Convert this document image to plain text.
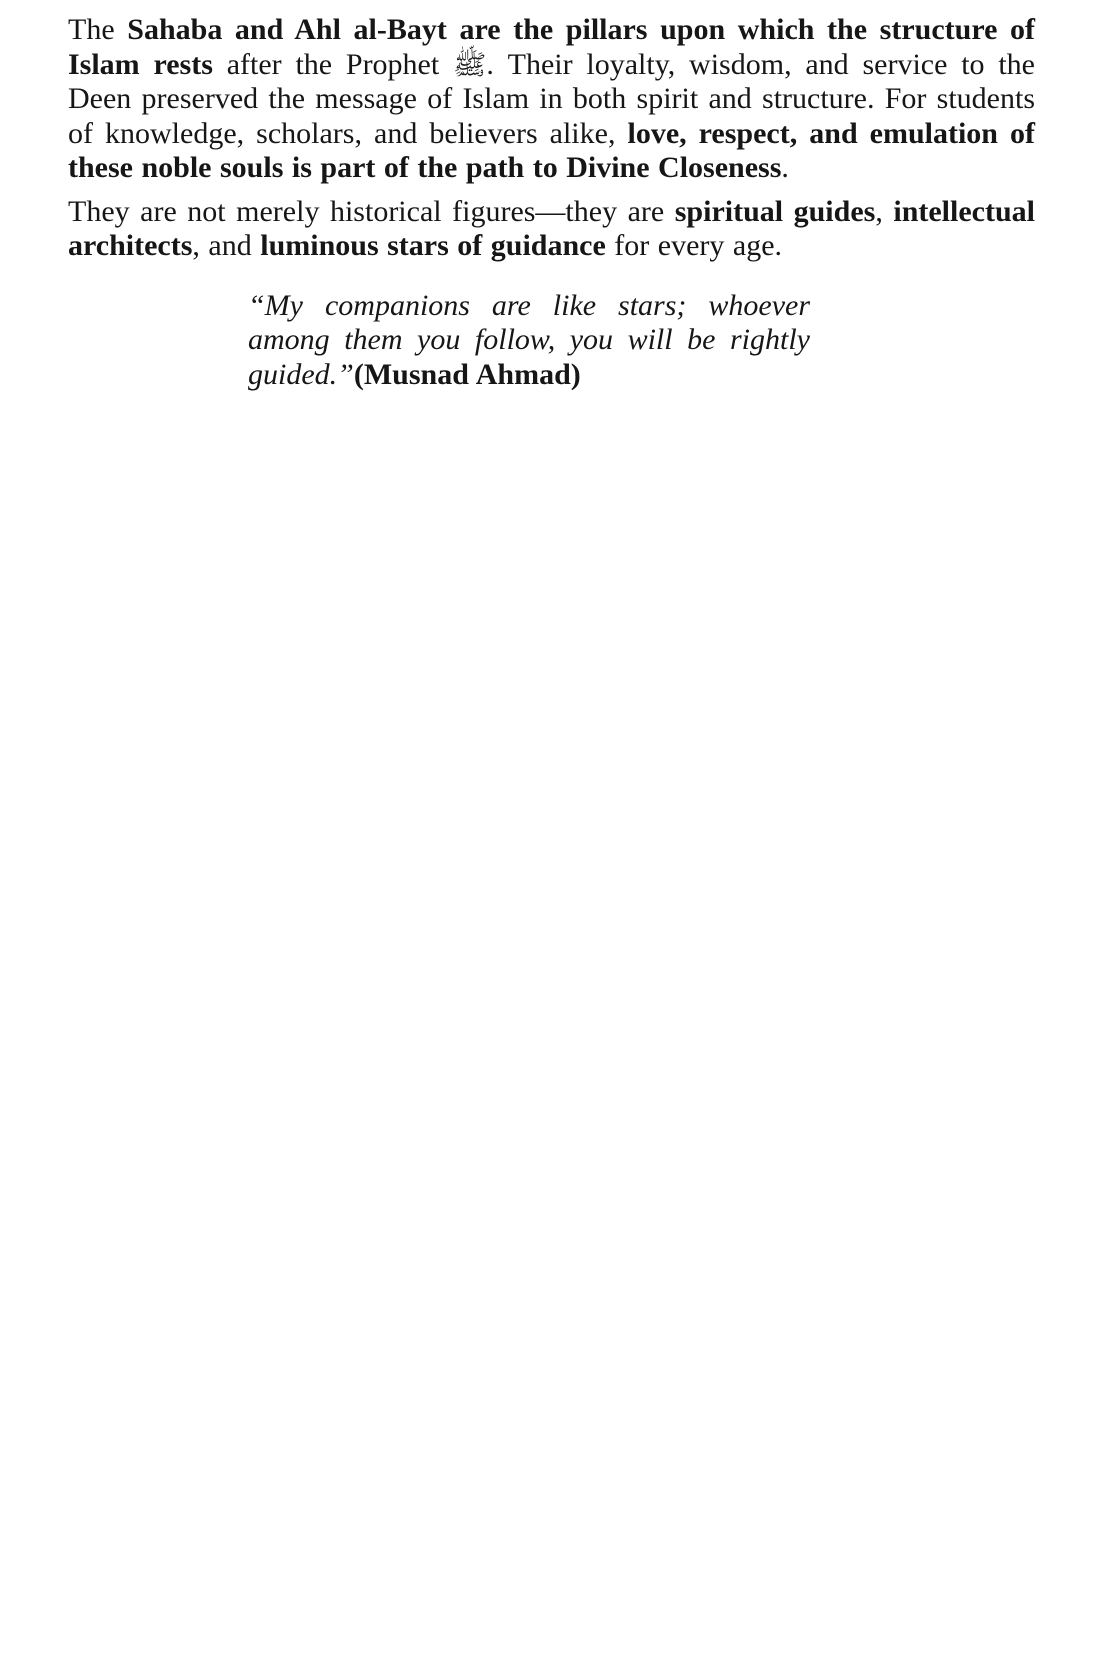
The Sahaba and Ahl al-Bayt are the pillars upon which the structure of Islam rests after the Prophet ﷺ. Their loyalty, wisdom, and service to the Deen preserved the message of Islam in both spirit and structure. For students of knowledge, scholars, and believers alike, love, respect, and emulation of these noble souls is part of the path to Divine Closeness.

They are not merely historical figures—they are spiritual guides, intellectual architects, and luminous stars of guidance for every age.

“My companions are like stars; whoever among them you follow, you will be rightly guided.”(Musnad Ahmad)
